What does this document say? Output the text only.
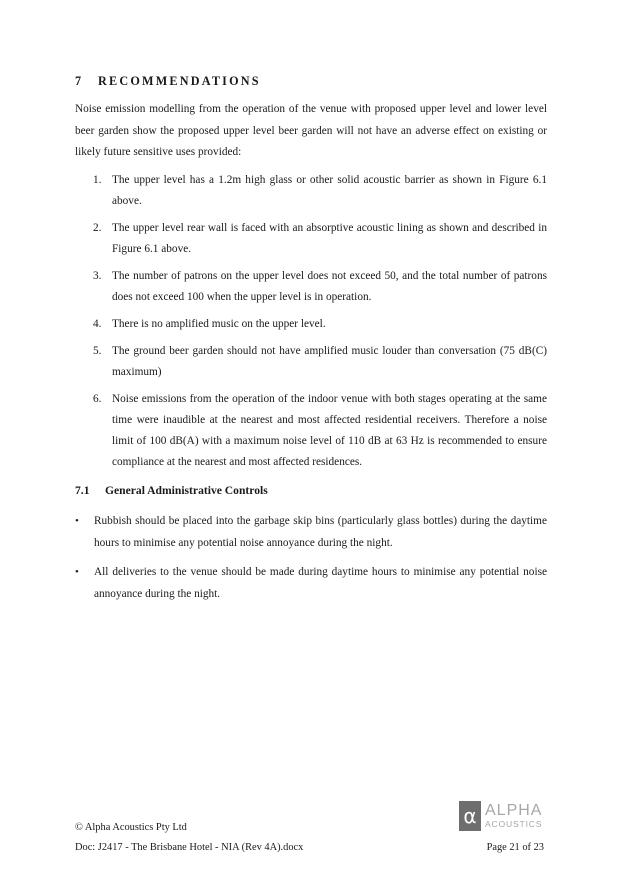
7 RECOMMENDATIONS

Noise emission modelling from the operation of the venue with proposed upper level and lower level beer garden show the proposed upper level beer garden will not have an adverse effect on existing or likely future sensitive uses provided:

1. The upper level has a 1.2m high glass or other solid acoustic barrier as shown in Figure 6.1 above.
2. The upper level rear wall is faced with an absorptive acoustic lining as shown and described in Figure 6.1 above.
3. The number of patrons on the upper level does not exceed 50, and the total number of patrons does not exceed 100 when the upper level is in operation.
4. There is no amplified music on the upper level.
5. The ground beer garden should not have amplified music louder than conversation (75 dB(C) maximum)
6. Noise emissions from the operation of the indoor venue with both stages operating at the same time were inaudible at the nearest and most affected residential receivers. Therefore a noise limit of 100 dB(A) with a maximum noise level of 110 dB at 63 Hz is recommended to ensure compliance at the nearest and most affected residences.
7.1 General Administrative Controls
• Rubbish should be placed into the garbage skip bins (particularly glass bottles) during the daytime hours to minimise any potential noise annoyance during the night.
• All deliveries to the venue should be made during daytime hours to minimise any potential noise annoyance during the night.
α ALPHA
ACOUSTICS
© Alpha Acoustics Pty Ltd
Doc: J2417 - The Brisbane Hotel - NIA (Rev 4A).docx	Page 21 of 23
